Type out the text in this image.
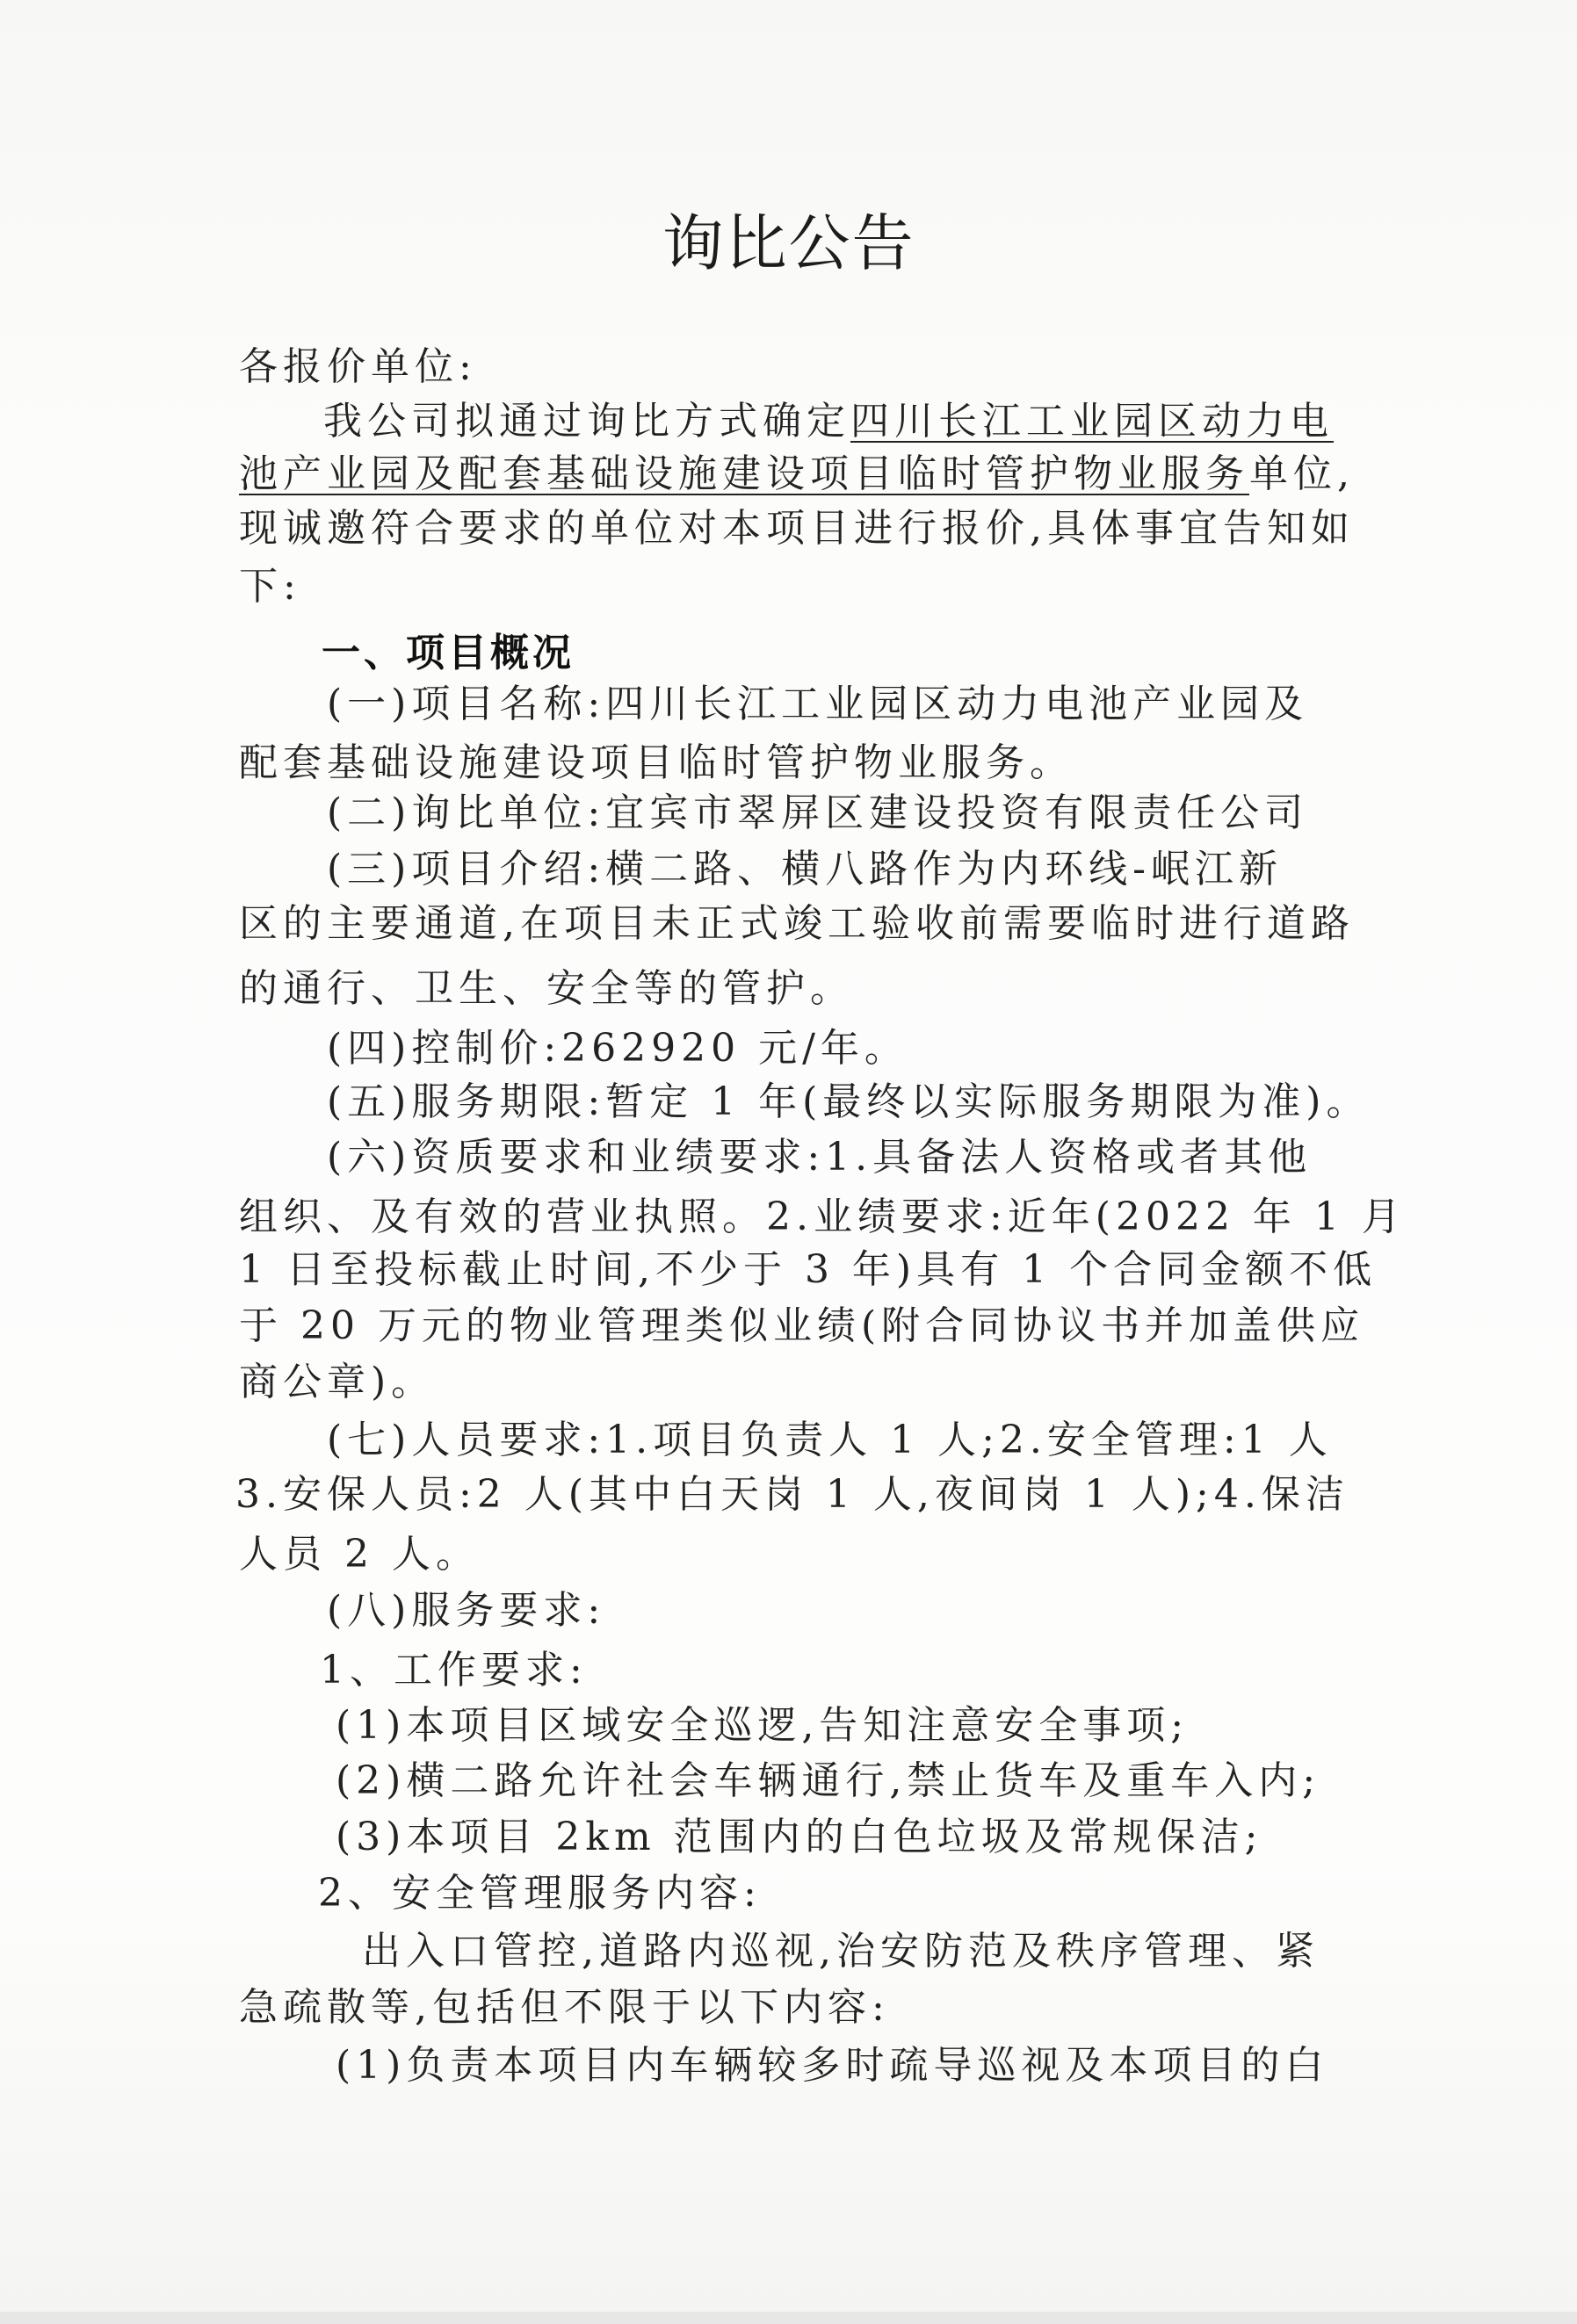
询比公告

各报价单位:

我公司拟通过询比方式确定四川长江工业园区动力电

池产业园及配套基础设施建设项目临时管护物业服务单位,

现诚邀符合要求的单位对本项目进行报价,具体事宜告知如

下:

一、项目概况

(一)项目名称:四川长江工业园区动力电池产业园及

配套基础设施建设项目临时管护物业服务。

(二)询比单位:宜宾市翠屏区建设投资有限责任公司

(三)项目介绍:横二路、横八路作为内环线-岷江新

区的主要通道,在项目未正式竣工验收前需要临时进行道路

的通行、卫生、安全等的管护。

(四)控制价:262920 元/年。

(五)服务期限:暂定 1 年(最终以实际服务期限为准)。

(六)资质要求和业绩要求:1.具备法人资格或者其他

组织、及有效的营业执照。2.业绩要求:近年(2022 年 1 月

1 日至投标截止时间,不少于 3 年)具有 1 个合同金额不低

于 20 万元的物业管理类似业绩(附合同协议书并加盖供应

商公章)。

(七)人员要求:1.项目负责人 1 人;2.安全管理:1 人

3.安保人员:2 人(其中白天岗 1 人,夜间岗 1 人);4.保洁

人员 2 人。

(八)服务要求:

1、工作要求:

(1)本项目区域安全巡逻,告知注意安全事项;

(2)横二路允许社会车辆通行,禁止货车及重车入内;

(3)本项目 2km 范围内的白色垃圾及常规保洁;

2、安全管理服务内容:

出入口管控,道路内巡视,治安防范及秩序管理、紧

急疏散等,包括但不限于以下内容:

(1)负责本项目内车辆较多时疏导巡视及本项目的白
